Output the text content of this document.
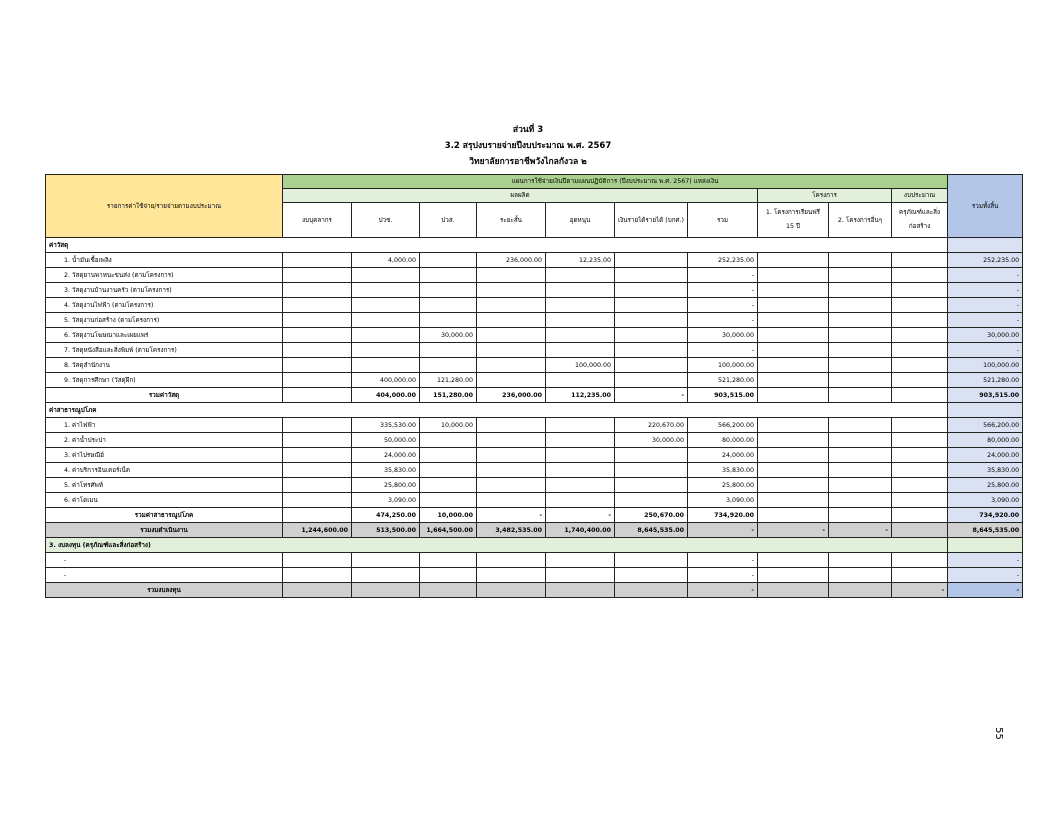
ส่วนที่ 3
3.2 สรุปงบรายจ่ายปีงบประมาณ พ.ศ. 2567
วิทยาลัยการอาชีพวังไกลกังวล ๒
รายการค่าใช้จ่าย/รายจ่ายตามงบประมาณ	แผนการใช้จ่ายเงินปีตามแผนปฏิบัติการ (ปีงบประมาณ พ.ศ. 2567) แหล่งเงิน										รวมทั้งสิ้น
	ผลผลิต							โครงการ		งบประมาณ	
	งบบุคลากร	ปวช.	ปวส.	ระยะสั้น	อุดหนุน	เงินรายได้รายได้ (บกศ.)	รวม	1. โครงการเรียนฟรี 15 ปี	2. โครงการอื่นๆ	ครุภัณฑ์และสิ่งก่อสร้าง	
ค่าวัสดุ											
1. น้ำมันเชื้อเพลิง		4,000.00		236,000.00	12,235.00		252,235.00				252,235.00
2. วัสดุยานพาหนะขนส่ง (ตามโครงการ)							-				-
3. วัสดุงานบ้านงานครัว (ตามโครงการ)							-				-
4. วัสดุงานไฟฟ้า (ตามโครงการ)							-				-
5. วัสดุงานก่อสร้าง (ตามโครงการ)							-				-
6. วัสดุงานโฆษณาและเผยแพร่			30,000.00				30,000.00				30,000.00
7. วัสดุหนังสือและสิ่งพิมพ์ (ตามโครงการ)							-				-
8. วัสดุสำนักงาน					100,000.00		100,000.00				100,000.00
9. วัสดุการศึกษา (วัสดุฝึก)		400,000.00	121,280.00				521,280.00				521,280.00
รวมค่าวัสดุ		404,000.00	151,280.00	236,000.00	112,235.00	-	903,515.00				903,515.00
ค่าสาธารณูปโภค											
1. ค่าไฟฟ้า		335,530.00	10,000.00			220,670.00	566,200.00				566,200.00
2. ค่าน้ำประปา		50,000.00				30,000.00	80,000.00				80,000.00
3. ค่าไปรษณีย์		24,000.00					24,000.00				24,000.00
4. ค่าบริการอินเตอร์เน็ต		35,830.00					35,830.00				35,830.00
5. ค่าโทรศัพท์		25,800.00					25,800.00				25,800.00
6. ค่าโดเมน		3,090.00					3,090.00				3,090.00
รวมค่าสาธารณูปโภค		474,250.00	10,000.00	-	-	250,670.00	734,920.00				734,920.00
รวมงบดำเนินงาน	1,244,600.00	513,500.00	1,664,500.00	3,482,535.00	1,740,400.00	8,645,535.00	-	-	-		8,645,535.00
3. งบลงทุน (ครุภัณฑ์และสิ่งก่อสร้าง)											
-							-				-
-							-				-
รวมงบลงทุน							-			-	-
55
